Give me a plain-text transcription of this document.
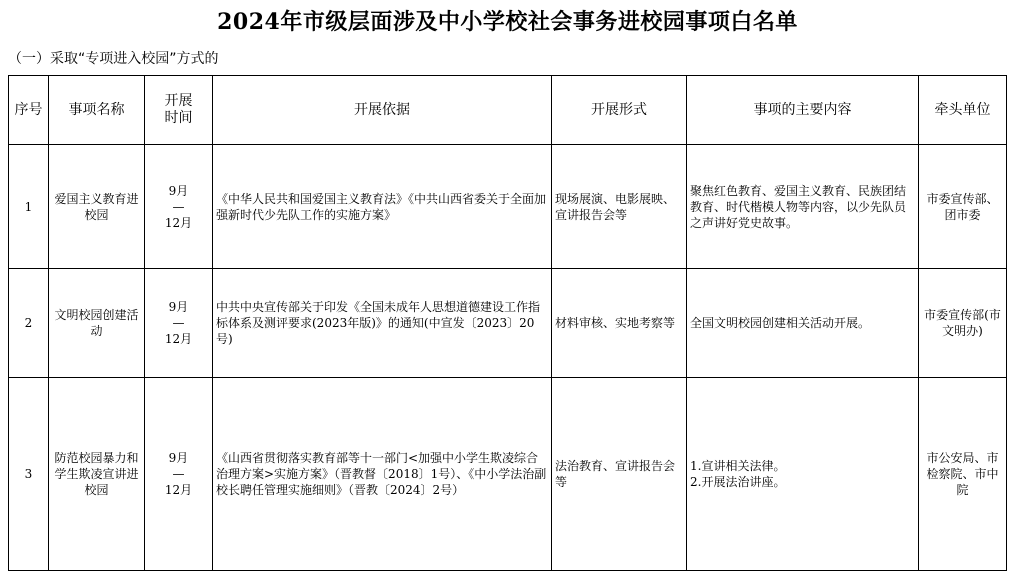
2024年市级层面涉及中小学校社会事务进校园事项白名单
（一）采取“专项进入校园”方式的
序号	事项名称	开展
时间	开展依据	开展形式	事项的主要内容	牵头单位
1	爱国主义教育进校园	9月
—
12月	《中华人民共和国爱国主义教育法》《中共山西省委关于全面加强新时代少先队工作的实施方案》	现场展演、电影展映、宣讲报告会等	聚焦红色教育、爱国主义教育、民族团结教育、时代楷模人物等内容，以少先队员之声讲好党史故事。	市委宣传部、团市委
2	文明校园创建活动	9月
—
12月	中共中央宣传部关于印发《全国未成年人思想道德建设工作指标体系及测评要求(2023年版)》的通知(中宣发〔2023〕20号)	材料审核、实地考察等	全国文明校园创建相关活动开展。	市委宣传部(市文明办)
3	防范校园暴力和学生欺凌宣讲进校园	9月
—
12月	《山西省贯彻落实教育部等十一部门<加强中小学生欺凌综合治理方案>实施方案》（晋教督〔2018〕1号）、《中小学法治副校长聘任管理实施细则》（晋教〔2024〕2号）	法治教育、宣讲报告会等	1.宣讲相关法律。
2.开展法治讲座。	市公安局、市检察院、市中院
